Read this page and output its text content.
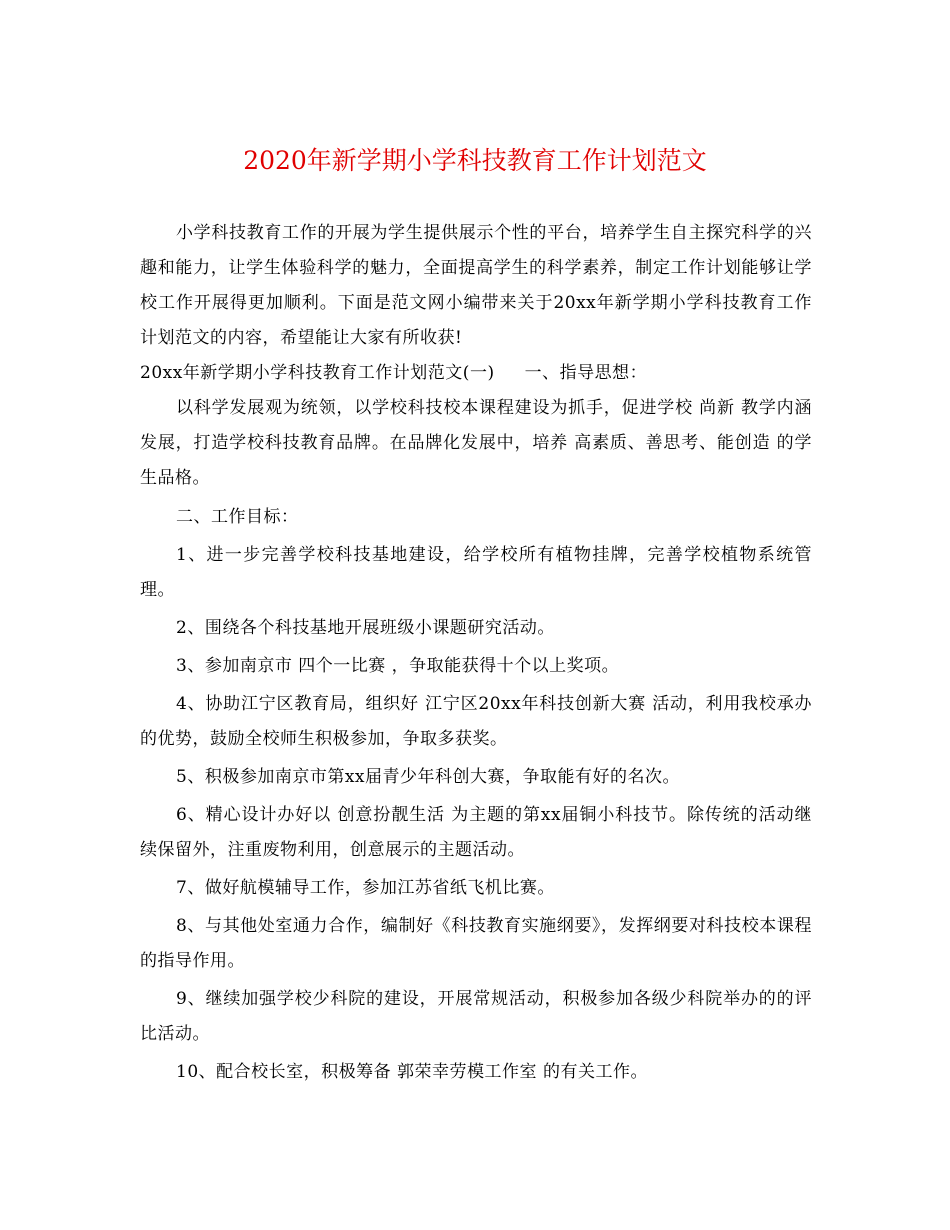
2020年新学期小学科技教育工作计划范文

小学科技教育工作的开展为学生提供展示个性的平台，培养学生自主探究科学的兴趣和能力，让学生体验科学的魅力，全面提高学生的科学素养，制定工作计划能够让学校工作开展得更加顺利。下面是范文网小编带来关于20xx年新学期小学科技教育工作计划范文的内容，希望能让大家有所收获!

20xx年新学期小学科技教育工作计划范文(一) 一、指导思想：

以科学发展观为统领，以学校科技校本课程建设为抓手，促进学校 尚新 教学内涵发展，打造学校科技教育品牌。在品牌化发展中，培养 高素质、善思考、能创造 的学生品格。

二、工作目标：

1、进一步完善学校科技基地建设，给学校所有植物挂牌，完善学校植物系统管理。

2、围绕各个科技基地开展班级小课题研究活动。

3、参加南京市 四个一比赛 ，争取能获得十个以上奖项。

4、协助江宁区教育局，组织好 江宁区20xx年科技创新大赛 活动，利用我校承办的优势，鼓励全校师生积极参加，争取多获奖。

5、积极参加南京市第xx届青少年科创大赛，争取能有好的名次。

6、精心设计办好以 创意扮靓生活 为主题的第xx届铜小科技节。除传统的活动继续保留外，注重废物利用，创意展示的主题活动。

7、做好航模辅导工作，参加江苏省纸飞机比赛。

8、与其他处室通力合作，编制好《科技教育实施纲要》，发挥纲要对科技校本课程的指导作用。

9、继续加强学校少科院的建设，开展常规活动，积极参加各级少科院举办的的评比活动。

10、配合校长室，积极筹备 郭荣幸劳模工作室 的有关工作。
